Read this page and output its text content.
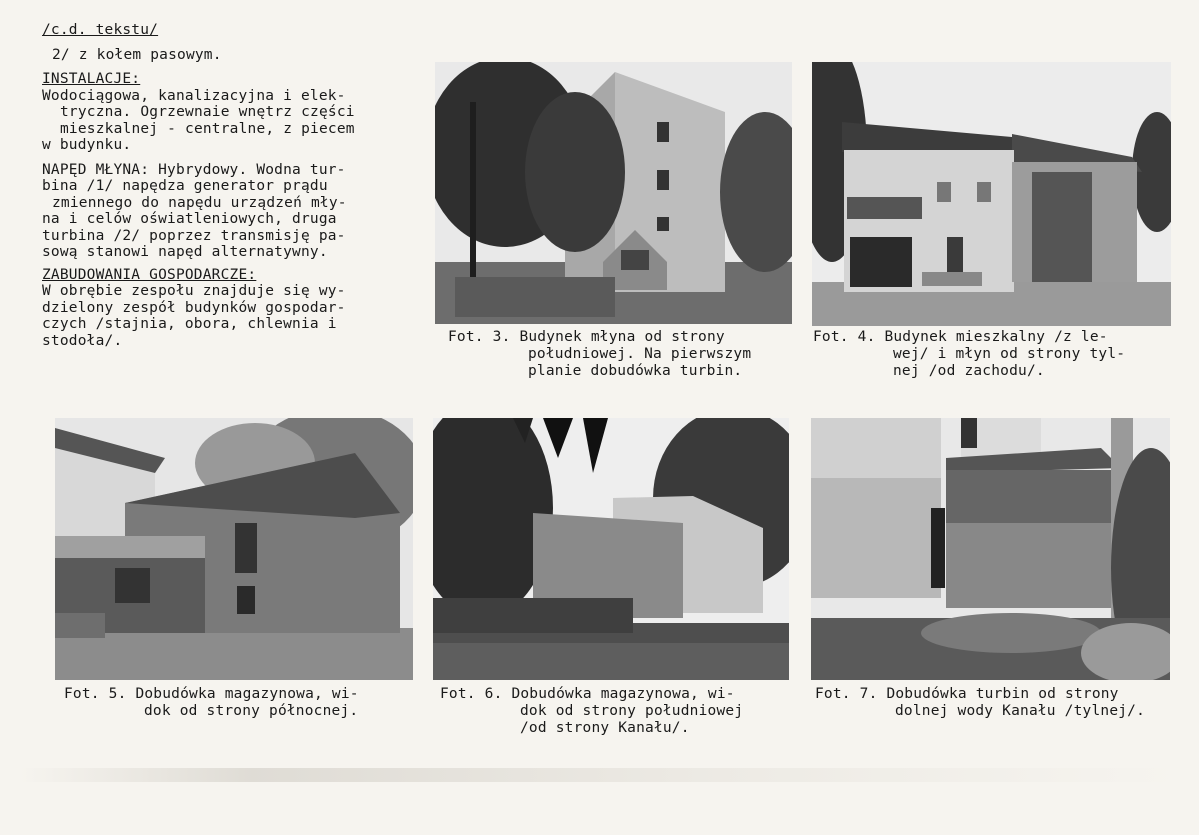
/c.d. tekstu/
2/ z kołem pasowym.
INSTALACJE:
Wodociągowa, kanalizacyjna i elek-
tryczna. Ogrzewnaie wnętrz części
mieszkalnej - centralne, z piecem
w budynku.
NAPĘD MŁYNA: Hybrydowy. Wodna tur-
bina /1/ napędza generator prądu
zmiennego do napędu urządzeń mły-
na i celów oświatleniowych, druga
turbina /2/ poprzez transmisję pa-
sową stanowi napęd alternatywny.
ZABUDOWANIA GOSPODARCZE:
W obrębie zespołu znajduje się wy-
dzielony zespół budynków gospodar-
czych /stajnia, obora, chlewnia i
stodoła/.	Fot. 3. Budynek młyna od strony
południowej. Na pierwszym
planie dobudówka turbin.
Fot. 4. Budynek mieszkalny /z le-
wej/ i młyn od strony tyl-
nej /od zachodu/.
Fot. 5. Dobudówka magazynowa, wi-
dok od strony północnej.
Fot. 6. Dobudówka magazynowa, wi-
dok od strony południowej
/od strony Kanału/.
Fot. 7. Dobudówka turbin od strony
dolnej wody Kanału /tylnej/.
